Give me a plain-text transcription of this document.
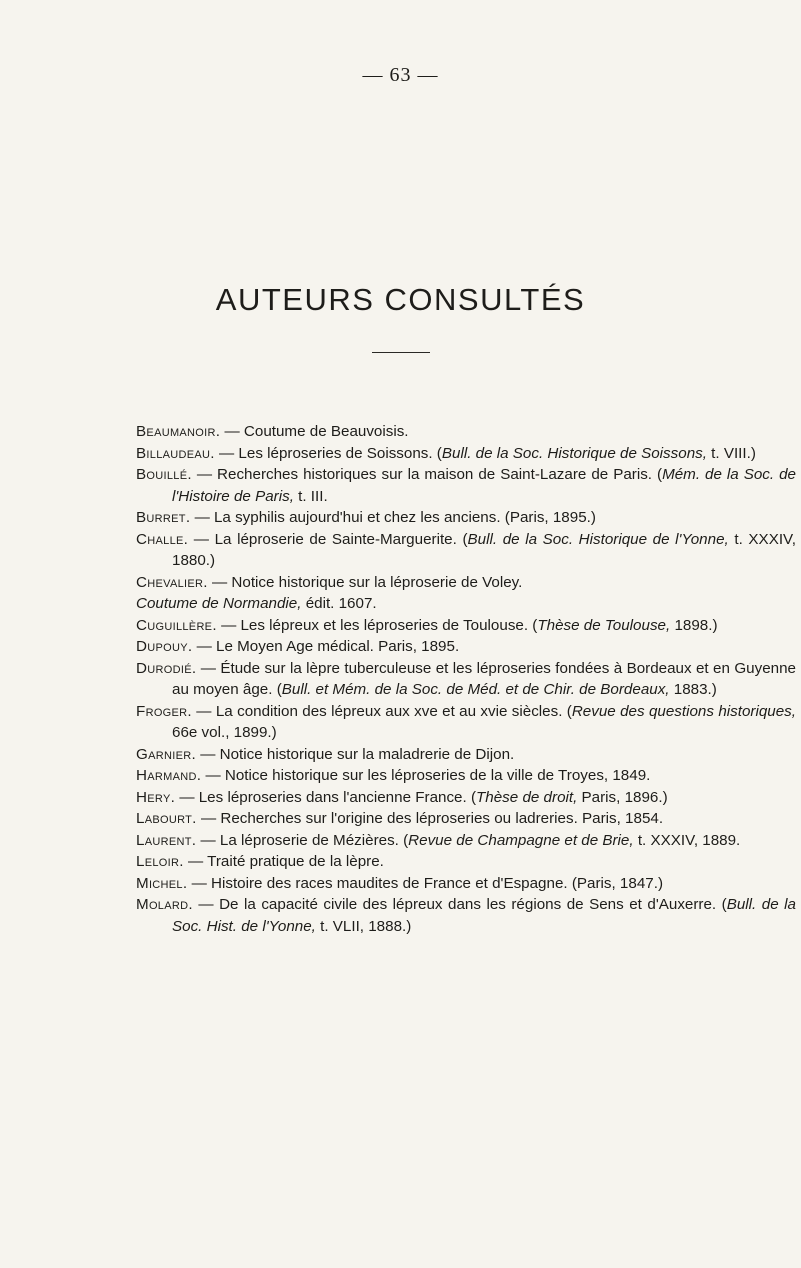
— 63 —
AUTEURS CONSULTÉS
Beaumanoir. — Coutume de Beauvoisis.
Billaudeau. — Les léproseries de Soissons. (Bull. de la Soc. Historique de Soissons, t. VIII.)
Bouillé. — Recherches historiques sur la maison de Saint-Lazare de Paris. (Mém. de la Soc. de l'Histoire de Paris, t. III.
Burret. — La syphilis aujourd'hui et chez les anciens. (Paris, 1895.)
Challe. — La léproserie de Sainte-Marguerite. (Bull. de la Soc. Historique de l'Yonne, t. XXXIV, 1880.)
Chevalier. — Notice historique sur la léproserie de Voley.
Coutume de Normandie, édit. 1607.
Cuguillère. — Les lépreux et les léproseries de Toulouse. (Thèse de Toulouse, 1898.)
Dupouy. — Le Moyen Age médical. Paris, 1895.
Durodié. — Étude sur la lèpre tuberculeuse et les léproseries fondées à Bordeaux et en Guyenne au moyen âge. (Bull. et Mém. de la Soc. de Méd. et de Chir. de Bordeaux, 1883.)
Froger. — La condition des lépreux aux xve et au xvie siècles. (Revue des questions historiques, 66e vol., 1899.)
Garnier. — Notice historique sur la maladrerie de Dijon.
Harmand. — Notice historique sur les léproseries de la ville de Troyes, 1849.
Hery. — Les léproseries dans l'ancienne France. (Thèse de droit, Paris, 1896.)
Labourt. — Recherches sur l'origine des léproseries ou ladreries. Paris, 1854.
Laurent. — La léproserie de Mézières. (Revue de Champagne et de Brie, t. XXXIV, 1889.
Leloir. — Traité pratique de la lèpre.
Michel. — Histoire des races maudites de France et d'Espagne. (Paris, 1847.)
Molard. — De la capacité civile des lépreux dans les régions de Sens et d'Auxerre. (Bull. de la Soc. Hist. de l'Yonne, t. VLII, 1888.)
